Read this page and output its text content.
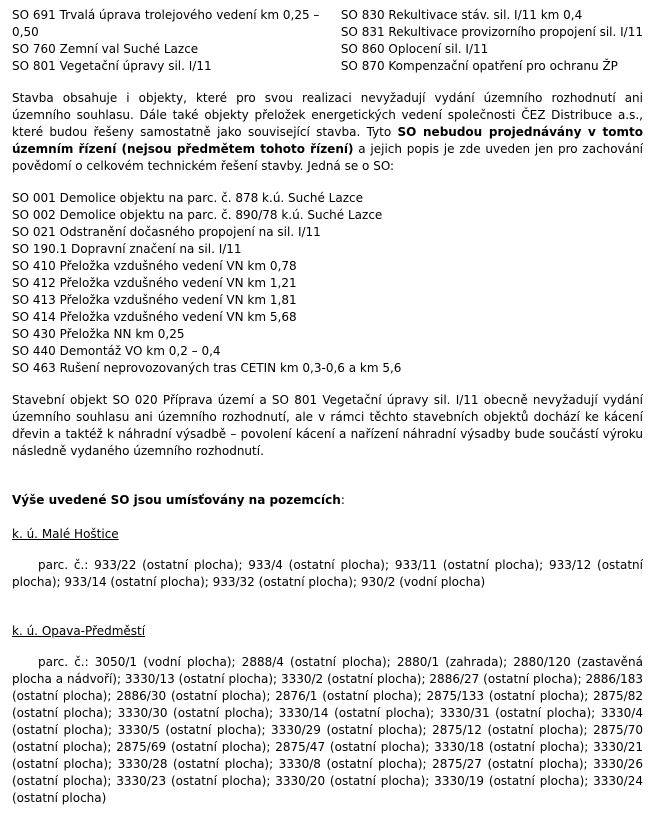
SO 691 Trvalá úprava trolejového vedení km 0,25 – 0,50
SO 760 Zemní val Suché Lazce
SO 801 Vegetační úpravy sil. I/11
SO 830 Rekultivace stáv. sil. I/11 km 0,4
SO 831 Rekultivace provizorního propojení sil. I/11
SO 860 Oplocení sil. I/11
SO 870 Kompenzační opatření pro ochranu ŽP

Stavba obsahuje i objekty, které pro svou realizaci nevyžadují vydání územního rozhodnutí ani územního souhlasu. Dále také objekty přeložek energetických vedení společnosti ČEZ Distribuce a.s., které budou řešeny samostatně jako související stavba. Tyto SO nebudou projednávány v tomto územním řízení (nejsou předmětem tohoto řízení) a jejich popis je zde uveden jen pro zachování povědomí o celkovém technickém řešení stavby. Jedná se o SO:

SO 001 Demolice objektu na parc. č. 878 k.ú. Suché Lazce
SO 002 Demolice objektu na parc. č. 890/78 k.ú. Suché Lazce
SO 021 Odstranění dočasného propojení na sil. I/11
SO 190.1 Dopravní značení na sil. I/11
SO 410 Přeložka vzdušného vedení VN km 0,78
SO 412 Přeložka vzdušného vedení VN km 1,21
SO 413 Přeložka vzdušného vedení VN km 1,81
SO 414 Přeložka vzdušného vedení VN km 5,68
SO 430 Přeložka NN km 0,25
SO 440 Demontáž VO km 0,2 – 0,4
SO 463 Rušení neprovozovaných tras CETIN km 0,3-0,6 a km 5,6

Stavební objekt SO 020 Příprava území a SO 801 Vegetační úpravy sil. I/11 obecně nevyžadují vydání územního souhlasu ani územního rozhodnutí, ale v rámci těchto stavebních objektů dochází ke kácení dřevin a taktéž k náhradní výsadbě – povolení kácení a nařízení náhradní výsadby bude součástí výroku následně vydaného územního rozhodnutí.

Výše uvedené SO jsou umísťovány na pozemcích:

k. ú. Malé Hoštice

parc. č.: 933/22 (ostatní plocha); 933/4 (ostatní plocha); 933/11 (ostatní plocha); 933/12 (ostatní plocha); 933/14 (ostatní plocha); 933/32 (ostatní plocha); 930/2 (vodní plocha)

k. ú. Opava-Předměstí

parc. č.: 3050/1 (vodní plocha); 2888/4 (ostatní plocha); 2880/1 (zahrada); 2880/120 (zastavěná plocha a nádvoří); 3330/13 (ostatní plocha); 3330/2 (ostatní plocha); 2886/27 (ostatní plocha); 2886/183 (ostatní plocha); 2886/30 (ostatní plocha); 2876/1 (ostatní plocha); 2875/133 (ostatní plocha); 2875/82 (ostatní plocha); 3330/30 (ostatní plocha); 3330/14 (ostatní plocha); 3330/31 (ostatní plocha); 3330/4 (ostatní plocha); 3330/5 (ostatní plocha); 3330/29 (ostatní plocha); 2875/12 (ostatní plocha); 2875/70 (ostatní plocha); 2875/69 (ostatní plocha); 2875/47 (ostatní plocha); 3330/18 (ostatní plocha); 3330/21 (ostatní plocha); 3330/28 (ostatní plocha); 3330/8 (ostatní plocha); 2875/27 (ostatní plocha); 3330/26 (ostatní plocha); 3330/23 (ostatní plocha); 3330/20 (ostatní plocha); 3330/19 (ostatní plocha); 3330/24 (ostatní plocha)
